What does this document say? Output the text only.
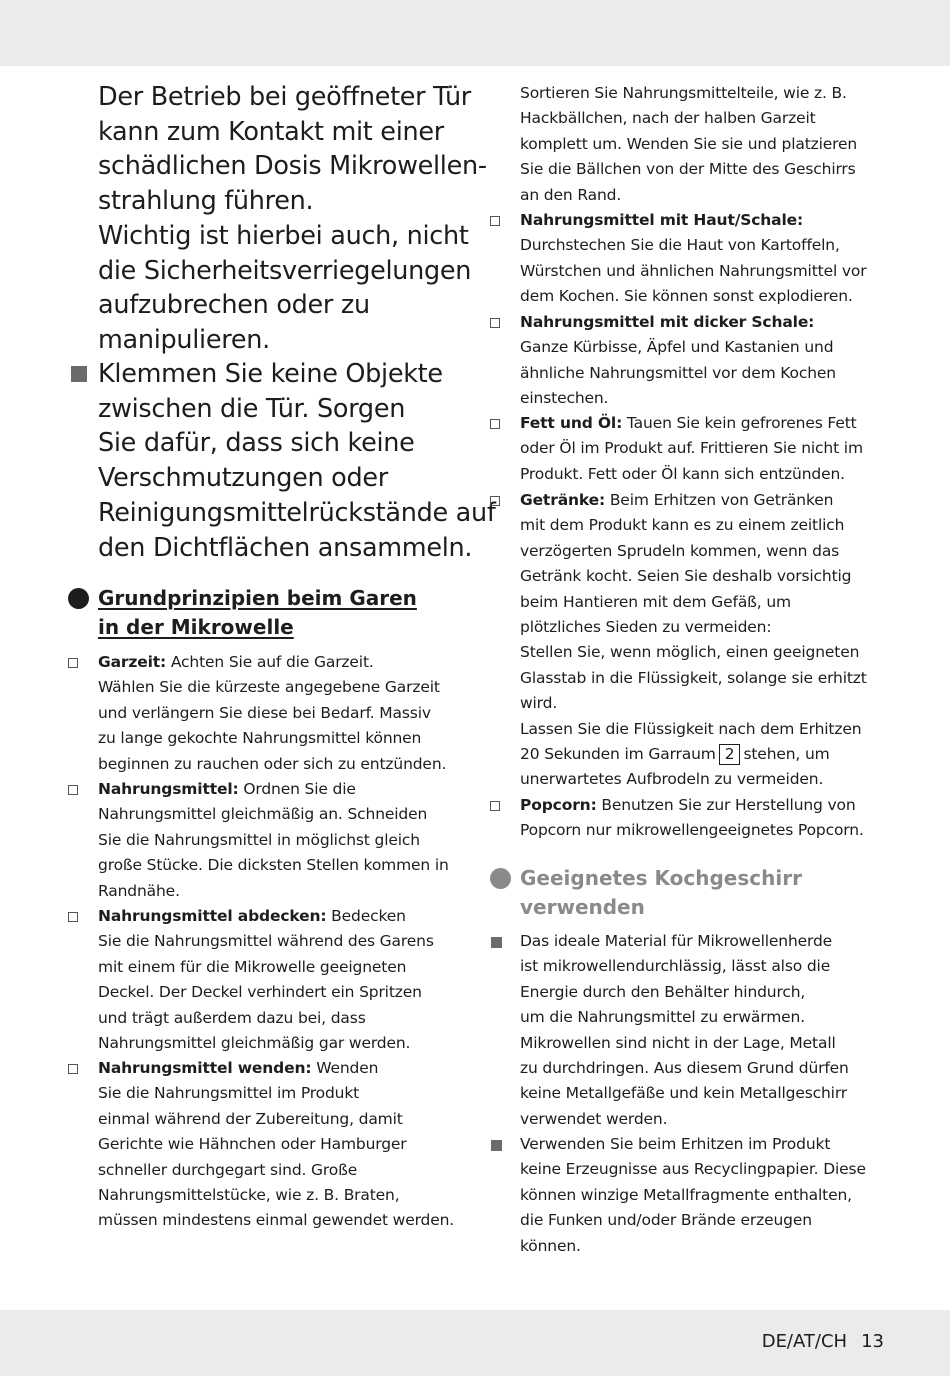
Der Betrieb bei geöffneter Tür
kann zum Kontakt mit einer
schädlichen Dosis Mikrowellen-
strahlung führen.
Wichtig ist hierbei auch, nicht
die Sicherheitsverriegelungen
aufzubrechen oder zu
manipulieren.
Klemmen Sie keine Objekte
zwischen die Tür. Sorgen
Sie dafür, dass sich keine
Verschmutzungen oder
Reinigungsmittelrückstände auf
den Dichtflächen ansammeln.
Grundprinzipien beim Garen
in der Mikrowelle
Garzeit: Achten Sie auf die Garzeit.
Wählen Sie die kürzeste angegebene Garzeit
und verlängern Sie diese bei Bedarf. Massiv
zu lange gekochte Nahrungsmittel können
beginnen zu rauchen oder sich zu entzünden.
Nahrungsmittel: Ordnen Sie die
Nahrungsmittel gleichmäßig an. Schneiden
Sie die Nahrungsmittel in möglichst gleich
große Stücke. Die dicksten Stellen kommen in
Randnähe.
Nahrungsmittel abdecken: Bedecken
Sie die Nahrungsmittel während des Garens
mit einem für die Mikrowelle geeigneten
Deckel. Der Deckel verhindert ein Spritzen
und trägt außerdem dazu bei, dass
Nahrungsmittel gleichmäßig gar werden.
Nahrungsmittel wenden: Wenden
Sie die Nahrungsmittel im Produkt
einmal während der Zubereitung, damit
Gerichte wie Hähnchen oder Hamburger
schneller durchgegart sind. Große
Nahrungsmittelstücke, wie z. B. Braten,
müssen mindestens einmal gewendet werden.
Sortieren Sie Nahrungsmittelteile, wie z. B.
Hackbällchen, nach der halben Garzeit
komplett um. Wenden Sie sie und platzieren
Sie die Bällchen von der Mitte des Geschirrs
an den Rand.
Nahrungsmittel mit Haut/Schale:
Durchstechen Sie die Haut von Kartoffeln,
Würstchen und ähnlichen Nahrungsmittel vor
dem Kochen. Sie können sonst explodieren.
Nahrungsmittel mit dicker Schale:
Ganze Kürbisse, Äpfel und Kastanien und
ähnliche Nahrungsmittel vor dem Kochen
einstechen.
Fett und Öl: Tauen Sie kein gefrorenes Fett
oder Öl im Produkt auf. Frittieren Sie nicht im
Produkt. Fett oder Öl kann sich entzünden.
Getränke: Beim Erhitzen von Getränken
mit dem Produkt kann es zu einem zeitlich
verzögerten Sprudeln kommen, wenn das
Getränk kocht. Seien Sie deshalb vorsichtig
beim Hantieren mit dem Gefäß, um
plötzliches Sieden zu vermeiden:
Stellen Sie, wenn möglich, einen geeigneten
Glasstab in die Flüssigkeit, solange sie erhitzt
wird.
Lassen Sie die Flüssigkeit nach dem Erhitzen
20 Sekunden im Garraum 2 stehen, um
unerwartetes Aufbrodeln zu vermeiden.
Popcorn: Benutzen Sie zur Herstellung von
Popcorn nur mikrowellengeeignetes Popcorn.
Geeignetes Kochgeschirr
verwenden
Das ideale Material für Mikrowellenherde
ist mikrowellendurchlässig, lässt also die
Energie durch den Behälter hindurch,
um die Nahrungsmittel zu erwärmen.
Mikrowellen sind nicht in der Lage, Metall
zu durchdringen. Aus diesem Grund dürfen
keine Metallgefäße und kein Metallgeschirr
verwendet werden.
Verwenden Sie beim Erhitzen im Produkt
keine Erzeugnisse aus Recyclingpapier. Diese
können winzige Metallfragmente enthalten,
die Funken und/oder Brände erzeugen
können.
DE/AT/CH 13
